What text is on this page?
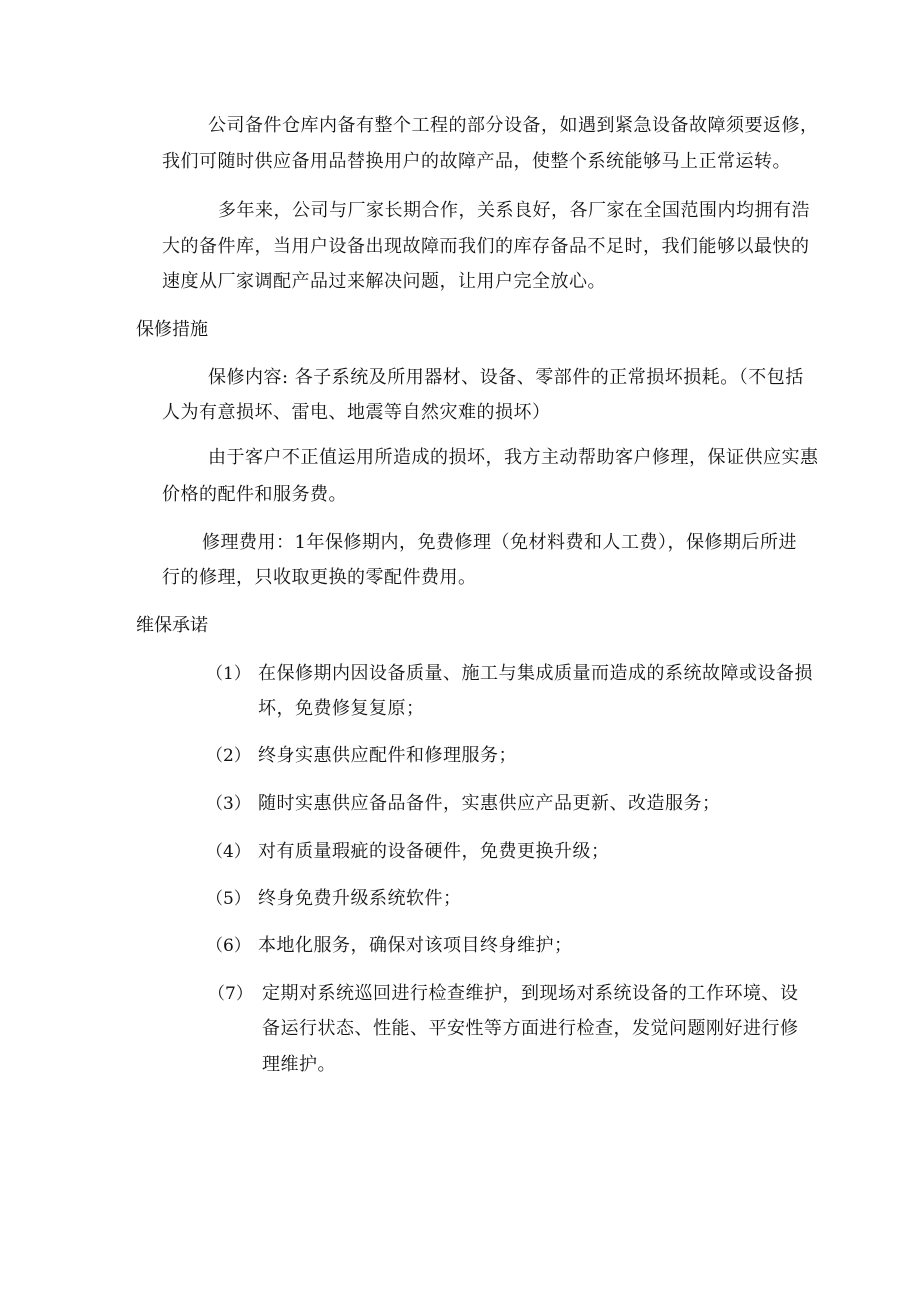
公司备件仓库内备有整个工程的部分设备，如遇到紧急设备故障须要返修，
我们可随时供应备用品替换用户的故障产品，使整个系统能够马上正常运转。
多年来，公司与厂家长期合作，关系良好，各厂家在全国范围内均拥有浩
大的备件库，当用户设备出现故障而我们的库存备品不足时，我们能够以最快的
速度从厂家调配产品过来解决问题，让用户完全放心。
保修措施
保修内容: 各子系统及所用器材、设备、零部件的正常损坏损耗。（不包括
人为有意损坏、雷电、地震等自然灾难的损坏）
由于客户不正值运用所造成的损坏，我方主动帮助客户修理，保证供应实惠
价格的配件和服务费。
修理费用：1年保修期内，免费修理（免材料费和人工费），保修期后所进
行的修理，只收取更换的零配件费用。
维保承诺
（1） 在保修期内因设备质量、施工与集成质量而造成的系统故障或设备损
坏，免费修复复原；
（2） 终身实惠供应配件和修理服务；
（3） 随时实惠供应备品备件，实惠供应产品更新、改造服务；
（4） 对有质量瑕疵的设备硬件，免费更换升级；
（5） 终身免费升级系统软件；
（6） 本地化服务，确保对该项目终身维护；
（7） 定期对系统巡回进行检查维护，到现场对系统设备的工作环境、设
备运行状态、性能、平安性等方面进行检查，发觉问题刚好进行修
理维护。
